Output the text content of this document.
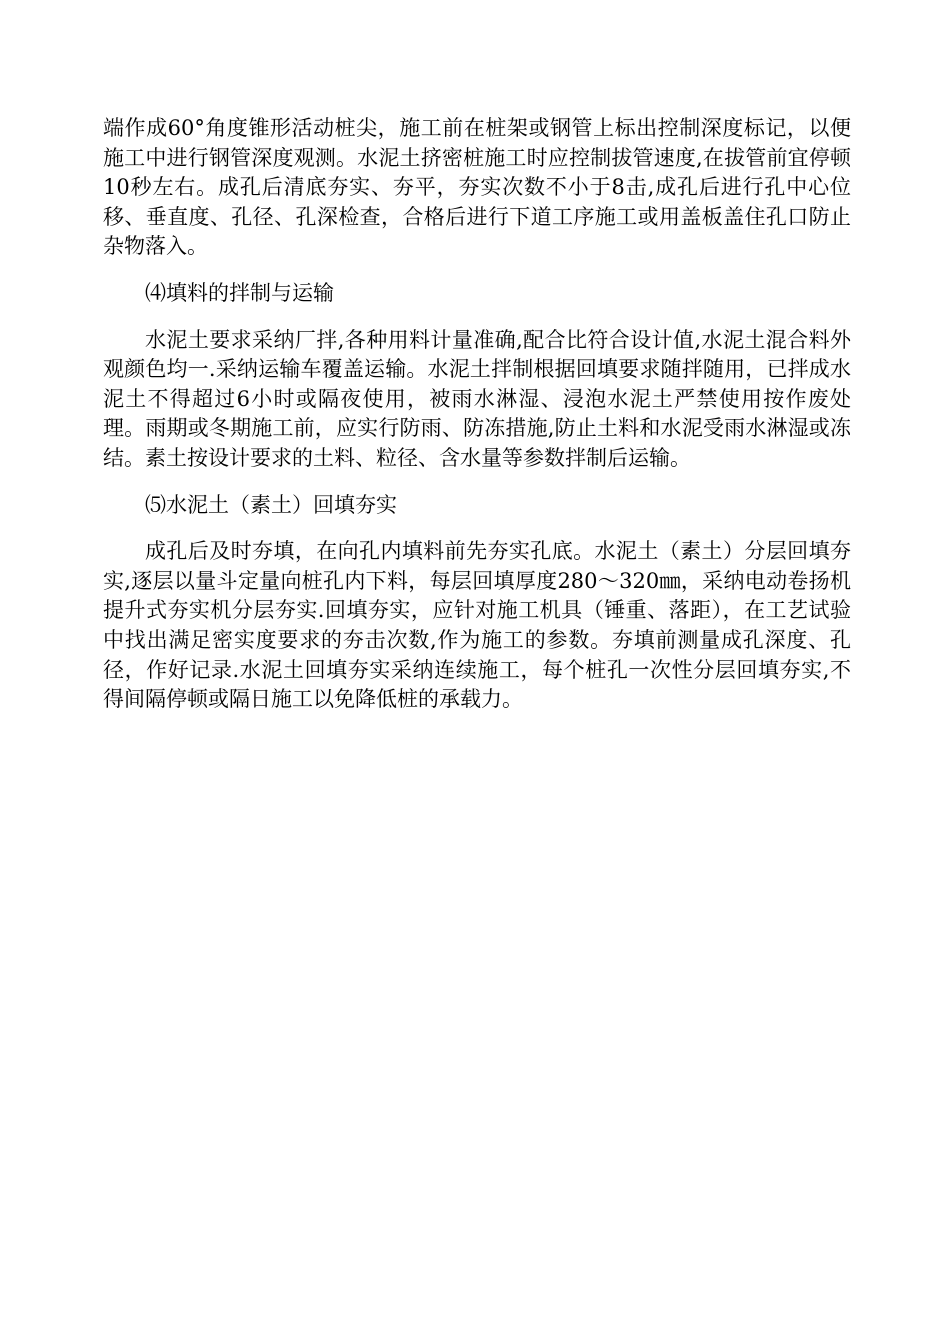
端作成60°角度锥形活动桩尖，施工前在桩架或钢管上标出控制深度标记，以便施工中进行钢管深度观测。水泥土挤密桩施工时应控制拔管速度,在拔管前宜停顿10秒左右。成孔后清底夯实、夯平，夯实次数不小于8击,成孔后进行孔中心位移、垂直度、孔径、孔深检查，合格后进行下道工序施工或用盖板盖住孔口防止杂物落入。

⑷填料的拌制与运输

水泥土要求采纳厂拌,各种用料计量准确,配合比符合设计值,水泥土混合料外观颜色均一.采纳运输车覆盖运输。水泥土拌制根据回填要求随拌随用，已拌成水泥土不得超过6小时或隔夜使用，被雨水淋湿、浸泡水泥土严禁使用按作废处理。雨期或冬期施工前，应实行防雨、防冻措施,防止土料和水泥受雨水淋湿或冻结。素土按设计要求的土料、粒径、含水量等参数拌制后运输。

⑸水泥土（素土）回填夯实

成孔后及时夯填，在向孔内填料前先夯实孔底。水泥土（素土）分层回填夯实,逐层以量斗定量向桩孔内下料，每层回填厚度280～320㎜，采纳电动卷扬机提升式夯实机分层夯实.回填夯实，应针对施工机具（锤重、落距），在工艺试验中找出满足密实度要求的夯击次数,作为施工的参数。夯填前测量成孔深度、孔径，作好记录.水泥土回填夯实采纳连续施工，每个桩孔一次性分层回填夯实,不得间隔停顿或隔日施工以免降低桩的承载力。
